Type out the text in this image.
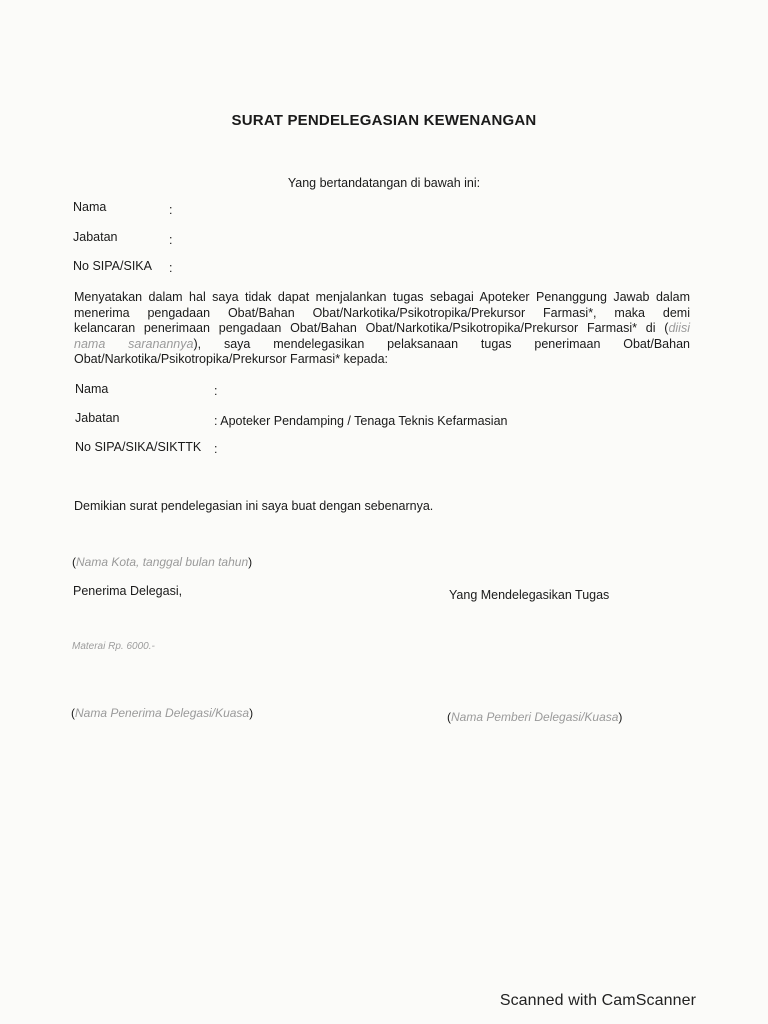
SURAT PENDELEGASIAN KEWENANGAN
Yang bertandatangan di bawah ini:
Nama	:
Jabatan	:
No SIPA/SIKA :
Menyatakan dalam hal saya tidak dapat menjalankan tugas sebagai Apoteker Penanggung Jawab dalam
menerima pengadaan Obat/Bahan Obat/Narkotika/Psikotropika/Prekursor Farmasi*, maka demi
kelancaran penerimaan pengadaan Obat/Bahan Obat/Narkotika/Psikotropika/Prekursor Farmasi* di (diisi
nama saranannya), saya mendelegasikan pelaksanaan tugas penerimaan Obat/Bahan
Obat/Narkotika/Psikotropika/Prekursor Farmasi* kepada:
Nama	:
Jabatan	: Apoteker Pendamping / Tenaga Teknis Kefarmasian
No SIPA/SIKA/SIKTTK :
Demikian surat pendelegasian ini saya buat dengan sebenarnya.
(Nama Kota, tanggal bulan tahun)
Penerima Delegasi,	Yang Mendelegasikan Tugas
Materai Rp. 6000.-
(Nama Penerima Delegasi/Kuasa)	(Nama Pemberi Delegasi/Kuasa)
Scanned with CamScanner
